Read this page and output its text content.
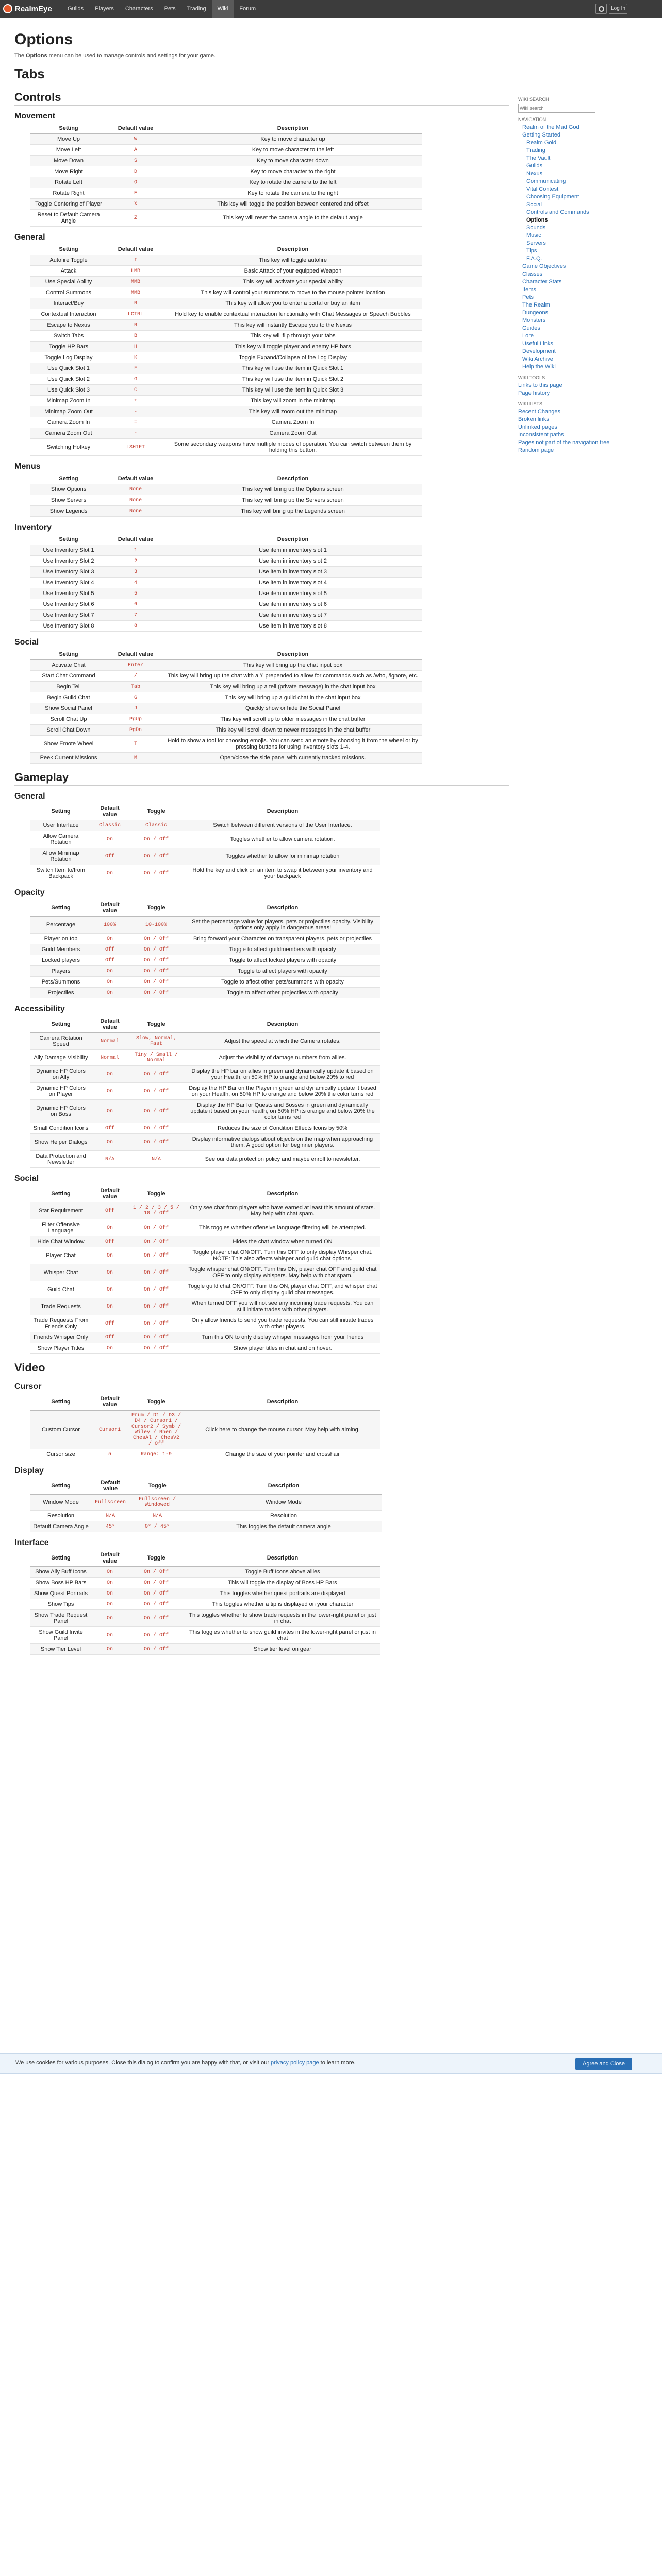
RealmEye	Guilds	Players	Characters	Pets	Trading	Wiki	Forum	Log In
Options

The Options menu can be used to manage controls and settings for your game.

Tabs
Controls
Movement
Setting	Default value	Description
Move Up	W	Key to move character up
Move Left	A	Key to move character to the left
Move Down	S	Key to move character down
Move Right	D	Key to move character to the right
Rotate Left	Q	Key to rotate the camera to the left
Rotate Right	E	Key to rotate the camera to the right
Toggle Centering of Player	X	This key will toggle the position between centered and offset
Reset to Default Camera Angle	Z	This key will reset the camera angle to the default angle
General
Setting	Default value	Description
Autofire Toggle	I	This key will toggle autofire
Attack	LMB	Basic Attack of your equipped Weapon
Use Special Ability	MMB	This key will activate your special ability
Control Summons	MMB	This key will control your summons to move to the mouse pointer location
Interact/Buy	R	This key will allow you to enter a portal or buy an item
Contextual Interaction	LCTRL	Hold key to enable contextual interaction functionality with Chat Messages or Speech Bubbles
Escape to Nexus	R	This key will instantly Escape you to the Nexus
Switch Tabs	B	This key will flip through your tabs
Toggle HP Bars	H	This key will toggle player and enemy HP bars
Toggle Log Display	K	Toggle Expand/Collapse of the Log Display
Use Quick Slot 1	F	This key will use the item in Quick Slot 1
Use Quick Slot 2	G	This key will use the item in Quick Slot 2
Use Quick Slot 3	C	This key will use the item in Quick Slot 3
Minimap Zoom In	+	This key will zoom in the minimap
Minimap Zoom Out	-	This key will zoom out the minimap
Camera Zoom In	=	Camera Zoom In
Camera Zoom Out	-	Camera Zoom Out
Switching Hotkey	LSHIFT	Some secondary weapons have multiple modes of operation. You can switch between them by holding this button.
Menus
Setting	Default value	Description
Show Options	None	This key will bring up the Options screen
Show Servers	None	This key will bring up the Servers screen
Show Legends	None	This key will bring up the Legends screen
Inventory
Setting	Default value	Description
Use Inventory Slot 1	1	Use item in inventory slot 1
Use Inventory Slot 2	2	Use item in inventory slot 2
Use Inventory Slot 3	3	Use item in inventory slot 3
Use Inventory Slot 4	4	Use item in inventory slot 4
Use Inventory Slot 5	5	Use item in inventory slot 5
Use Inventory Slot 6	6	Use item in inventory slot 6
Use Inventory Slot 7	7	Use item in inventory slot 7
Use Inventory Slot 8	8	Use item in inventory slot 8
Social
Setting	Default value	Description
Activate Chat	Enter	This key will bring up the chat input box
Start Chat Command	/	This key will bring up the chat with a '/' prepended to allow for commands such as /who, /ignore, etc.
Begin Tell	Tab	This key will bring up a tell (private message) in the chat input box
Begin Guild Chat	G	This key will bring up a guild chat in the chat input box
Show Social Panel	J	Quickly show or hide the Social Panel
Scroll Chat Up	PgUp	This key will scroll up to older messages in the chat buffer
Scroll Chat Down	PgDn	This key will scroll down to newer messages in the chat buffer
Show Emote Wheel	T	Hold to show a tool for choosing emojis. You can send an emote by choosing it from the wheel or by pressing buttons for using inventory slots 1-4.
Peek Current Missions	M	Open/close the side panel with currently tracked missions.
Gameplay
General
Setting	Default value	Toggle	Description
User Interface	Classic	Classic	Switch between different versions of the User Interface.
Allow Camera Rotation	On	On / Off	Toggles whether to allow camera rotation.
Allow Minimap Rotation	Off	On / Off	Toggles whether to allow for minimap rotation
Switch Item to/from Backpack	On	On / Off	Hold the key and click on an item to swap it between your inventory and your backpack
Opacity
Setting	Default value	Toggle	Description
Percentage	100%	10-100%	Set the percentage value for players, pets or projectiles opacity. Visibility options only apply in dangerous areas!
Player on top	On	On / Off	Bring forward your Character on transparent players, pets or projectiles
Guild Members	Off	On / Off	Toggle to affect guildmembers with opacity
Locked players	Off	On / Off	Toggle to affect locked players with opacity
Players	On	On / Off	Toggle to affect players with opacity
Pets/Summons	On	On / Off	Toggle to affect other pets/summons with opacity
Projectiles	On	On / Off	Toggle to affect other projectiles with opacity
Accessibility
Setting	Default value	Toggle	Description
Camera Rotation Speed	Normal	Slow, Normal, Fast	Adjust the speed at which the Camera rotates.
Ally Damage Visibility	Normal	Tiny / Small / Normal	Adjust the visibility of damage numbers from allies.
Dynamic HP Colors on Ally	On	On / Off	Display the HP bar on allies in green and dynamically update it based on your Health, on 50% HP to orange and below 20% to red
Dynamic HP Colors on Player	On	On / Off	Display the HP Bar on the Player in green and dynamically update it based on your Health, on 50% HP to orange and below 20% the color turns red
Dynamic HP Colors on Boss	On	On / Off	Display the HP Bar for Quests and Bosses in green and dynamically update it based on your health, on 50% HP its orange and below 20% the color turns red
Small Condition Icons	Off	On / Off	Reduces the size of Condition Effects Icons by 50%
Show Helper Dialogs	On	On / Off	Display informative dialogs about objects on the map when approaching them. A good option for beginner players.
Data Protection and Newsletter	N/A	N/A	See our data protection policy and maybe enroll to newsletter.
Social
Setting	Default value	Toggle	Description
Star Requirement	Off	1 / 2 / 3 / 5 / 10 / Off	Only see chat from players who have earned at least this amount of stars. May help with chat spam.
Filter Offensive Language	On	On / Off	This toggles whether offensive language filtering will be attempted.
Hide Chat Window	Off	On / Off	Hides the chat window when turned ON
Player Chat	On	On / Off	Toggle player chat ON/OFF. Turn this OFF to only display Whisper chat. NOTE: This also affects whisper and guild chat options.
Whisper Chat	On	On / Off	Toggle whisper chat ON/OFF. Turn this ON, player chat OFF and guild chat OFF to only display whispers. May help with chat spam.
Guild Chat	On	On / Off	Toggle guild chat ON/OFF. Turn this ON, player chat OFF, and whisper chat OFF to only display guild chat messages.
Trade Requests	On	On / Off	When turned OFF you will not see any incoming trade requests. You can still initiate trades with other players.
Trade Requests From Friends Only	Off	On / Off	Only allow friends to send you trade requests. You can still initiate trades with other players.
Friends Whisper Only	Off	On / Off	Turn this ON to only display whisper messages from your friends
Show Player Titles	On	On / Off	Show player titles in chat and on hover.
Video
Cursor
Setting	Default value	Toggle	Description
Custom Cursor	Cursor1	Prum / D1 / D3 / D4 / Cursor1 / Cursor2 / Symb / Wiley / Rhen / ChesAl / ChesV2 / Off	Click here to change the mouse cursor. May help with aiming.
Cursor size	5	Range: 1-9	Change the size of your pointer and crosshair
Display
Setting	Default value	Toggle	Description
Window Mode	Fullscreen	Fullscreen / Windowed	Window Mode
Resolution	N/A	N/A	Resolution
Default Camera Angle	45°	0° / 45°	This toggles the default camera angle
Interface
Setting	Default value	Toggle	Description
Show Ally Buff Icons	On	On / Off	Toggle Buff Icons above allies
Show Boss HP Bars	On	On / Off	This will toggle the display of Boss HP Bars
Show Quest Portraits	On	On / Off	This toggles whether quest portraits are displayed
Show Tips	On	On / Off	This toggles whether a tip is displayed on your character
Show Trade Request Panel	On	On / Off	This toggles whether to show trade requests in the lower-right panel or just in chat
Show Guild Invite Panel	On	On / Off	This toggles whether to show guild invites in the lower-right panel or just in chat
Show Tier Level	On	On / Off	Show tier level on gear
WIKI SEARCH
Wiki search
NAVIGATION
Realm of the Mad God
Getting Started
Realm Gold
Trading
The Vault
Guilds
Nexus
Communicating
Vital Contest
Choosing Equipment
Social
Controls and Commands
Options
Sounds
Music
Servers
Tips
F.A.Q.
Game Objectives
Classes
Character Stats
Items
Pets
The Realm
Dungeons
Monsters
Guides
Lore
Useful Links
Development
Wiki Archive
Help the Wiki
WIKI TOOLS
Links to this page
Page history
WIKI LISTS
Recent Changes
Broken links
Unlinked pages
Inconsistent paths
Pages not part of the navigation tree
Random page
We use cookies for various purposes. Close this dialog to confirm you are happy with that, or visit our privacy policy page to learn more.	Agree and Close
